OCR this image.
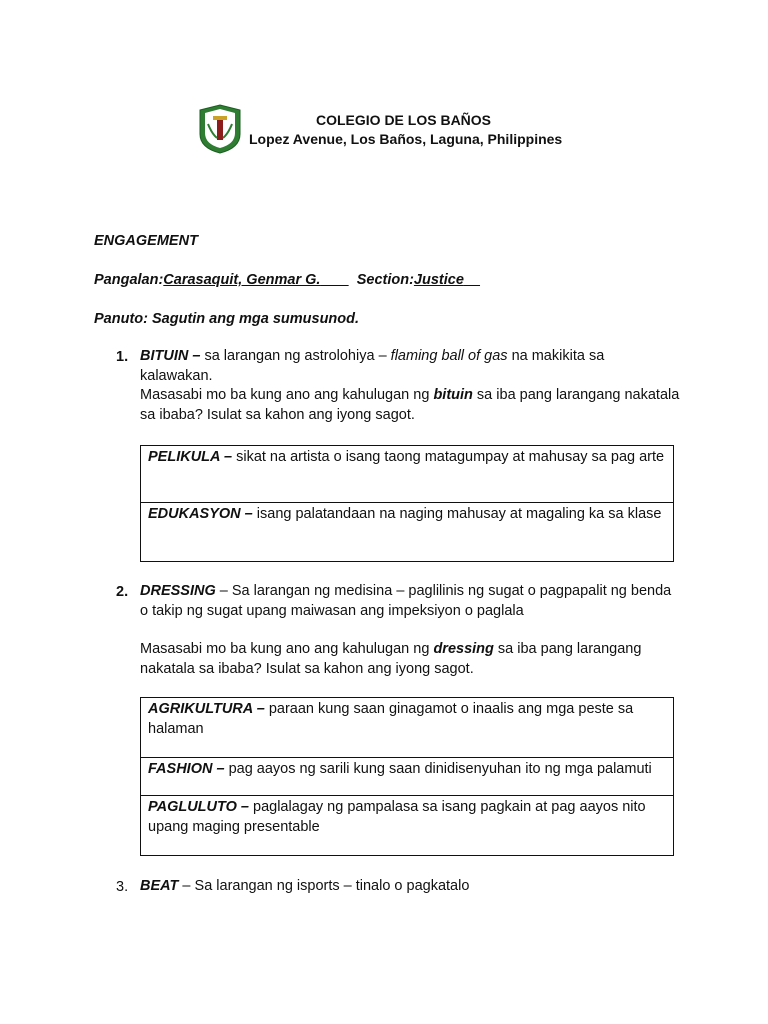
COLEGIO DE LOS BAÑOS
Lopez Avenue, Los Baños, Laguna, Philippines
ENGAGEMENT
Pangalan:Carasaquit, Genmar G.	Section:Justice
Panuto: Sagutin ang mga sumusunod.
1. BITUIN – sa larangan ng astrolohiya – flaming ball of gas na makikita sa kalawakan.
Masasabi mo ba kung ano ang kahulugan ng bituin sa iba pang larangang nakatala sa ibaba? Isulat sa kahon ang iyong sagot.
PELIKULA – sikat na artista o isang taong matagumpay at mahusay sa pag arte
EDUKASYON – isang palatandaan na naging mahusay at magaling ka sa klase
2. DRESSING – Sa larangan ng medisina – paglilinis ng sugat o pagpapalit ng benda o takip ng sugat upang maiwasan ang impeksiyon o paglala
Masasabi mo ba kung ano ang kahulugan ng dressing sa iba pang larangang nakatala sa ibaba? Isulat sa kahon ang iyong sagot.
AGRIKULTURA – paraan kung saan ginagamot o inaalis ang mga peste sa halaman
FASHION – pag aayos ng sarili kung saan dinidisenyuhan ito ng mga palamuti
PAGLULUTO – paglalagay ng pampalasa sa isang pagkain at pag aayos nito upang maging presentable
3. BEAT – Sa larangan ng isports – tinalo o pagkatalo
